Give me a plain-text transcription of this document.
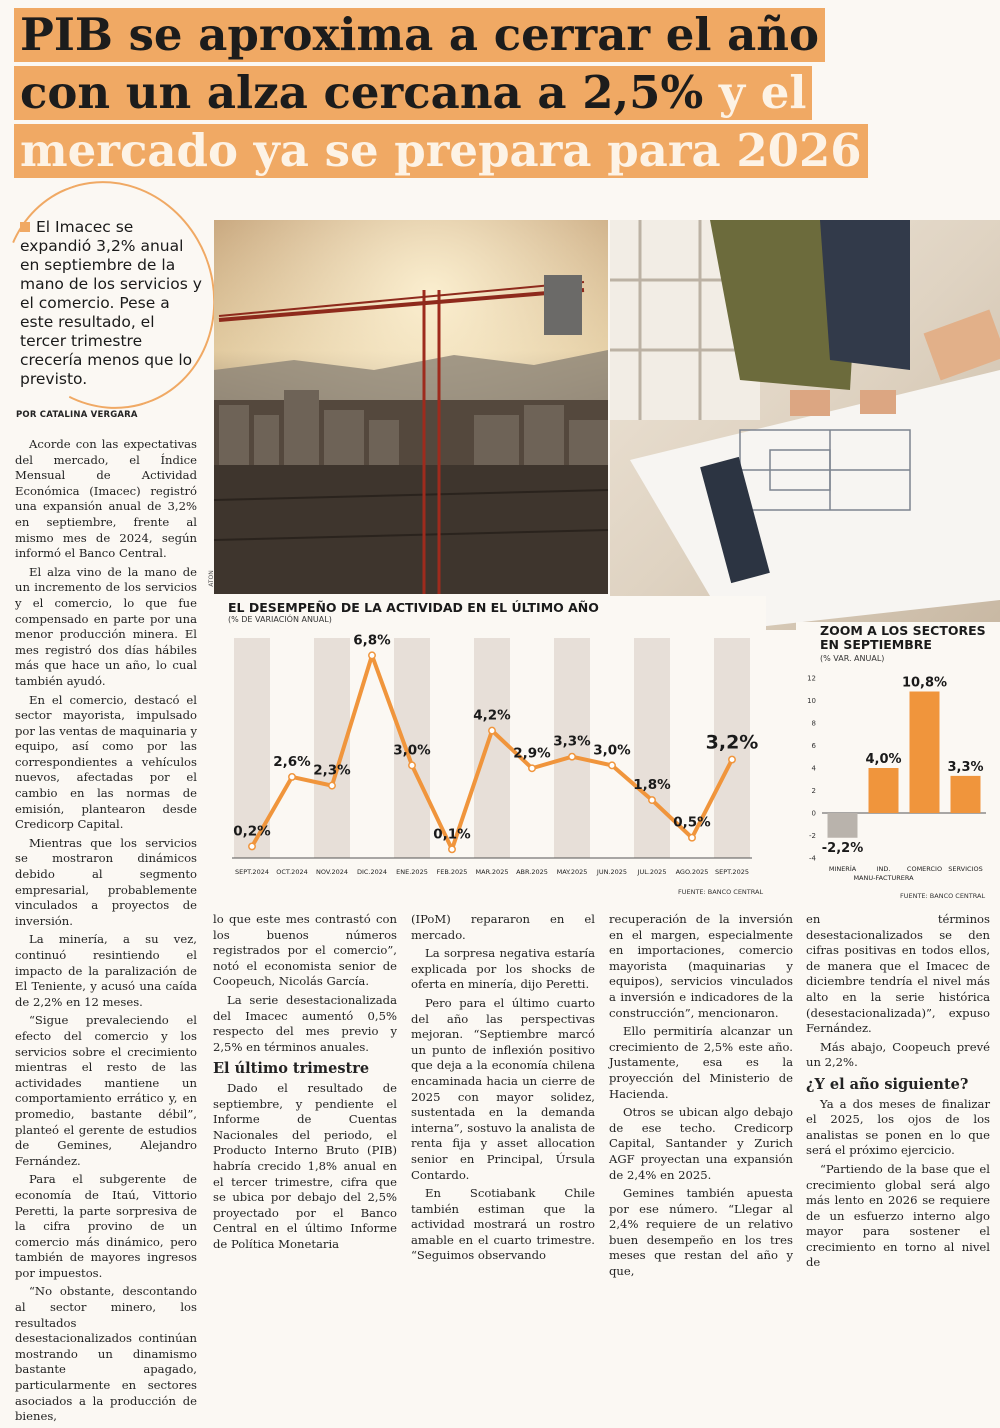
PIB se aproxima a cerrar el año
con un alza cercana a 2,5% y el
mercado ya se prepara para 2026
El Imacec se expandió 3,2% anual en septiembre de la mano de los servicios y el comercio. Pese a este resultado, el tercer trimestre crecería menos que lo previsto.
POR CATALINA VERGARA
ATON

Acorde con las expectativas del mercado, el Índice Mensual de Actividad Económica (Imacec) registró una expansión anual de 3,2% en septiembre, frente al mismo mes de 2024, según informó el Banco Central.

El alza vino de la mano de un incremento de los servicios y el comercio, lo que fue compensado en parte por una menor producción minera. El mes registró dos días hábiles más que hace un año, lo cual también ayudó.

En el comercio, destacó el sector mayorista, impulsado por las ventas de maquinaria y equipo, así como por las correspondientes a vehículos nuevos, afectadas por el cambio en las normas de emisión, plantearon desde Credicorp Capital.

Mientras que los servicios se mostraron dinámicos debido al segmento empresarial, probablemente vinculados a proyectos de inversión.

La minería, a su vez, continuó resintiendo el impacto de la paralización de El Teniente, y acusó una caída de 2,2% en 12 meses.

“Sigue prevaleciendo el efecto del comercio y los servicios sobre el crecimiento mientras el resto de las actividades mantiene un comportamiento errático y, en promedio, bastante débil”, planteó el gerente de estudios de Gemines, Alejandro Fernández.

Para el subgerente de economía de Itaú, Vittorio Peretti, la parte sorpresiva de la cifra provino de un comercio más dinámico, pero también de mayores ingresos por impuestos.

“No obstante, descontando al sector minero, los resultados desestacionalizados continúan mostrando un dinamismo bastante apagado, particularmente en sectores asociados a la producción de bienes,

EL DESEMPEÑO DE LA ACTIVIDAD EN EL ÚLTIMO AÑO
(% DE VARIACIÓN ANUAL)
0,2%
SEPT.2024
2,6%
OCT.2024
2,3%
NOV.2024
6,8%
DIC.2024
3,0%
ENE.2025
0,1%
FEB.2025
4,2%
MAR.2025
2,9%
ABR.2025
3,3%
MAY.2025
3,0%
JUN.2025
1,8%
JUL.2025
0,5%
AGO.2025
3,2%
SEPT.2025
FUENTE: BANCO CENTRAL
ZOOM A LOS SECTORES EN SEPTIEMBRE
(% VAR. ANUAL)
12
10
8
6
4
2
0
-2
-4
-2,2%
MINERÍA
4,0%
IND.
MANU-FACTURERA
10,8%
COMERCIO
3,3%
SERVICIOS
FUENTE: BANCO CENTRAL

lo que este mes contrastó con los buenos números registrados por el comercio”, notó el economista senior de Coopeuch, Nicolás García.

La serie desestacionalizada del Imacec aumentó 0,5% respecto del mes previo y 2,5% en términos anuales.

El último trimestre

Dado el resultado de septiembre, y pendiente el Informe de Cuentas Nacionales del periodo, el Producto Interno Bruto (PIB) habría crecido 1,8% anual en el tercer trimestre, cifra que se ubica por debajo del 2,5% proyectado por el Banco Central en el último Informe de Política Monetaria

(IPoM) repararon en el mercado.

La sorpresa negativa estaría explicada por los shocks de oferta en minería, dijo Peretti.

Pero para el último cuarto del año las perspectivas mejoran. “Septiembre marcó un punto de inflexión positivo que deja a la economía chilena encaminada hacia un cierre de 2025 con mayor solidez, sustentada en la demanda interna”, sostuvo la analista de renta fija y asset allocation senior en Principal, Úrsula Contardo.

En Scotiabank Chile también estiman que la actividad mostrará un rostro amable en el cuarto trimestre. “Seguimos observando

recuperación de la inversión en el margen, especialmente en importaciones, comercio mayorista (maquinarias y equipos), servicios vinculados a inversión e indicadores de la construcción”, mencionaron.

Ello permitiría alcanzar un crecimiento de 2,5% este año. Justamente, esa es la proyección del Ministerio de Hacienda.

Otros se ubican algo debajo de ese techo. Credicorp Capital, Santander y Zurich AGF proyectan una expansión de 2,4% en 2025.

Gemines también apuesta por ese número. “Llegar al 2,4% requiere de un relativo buen desempeño en los tres meses que restan del año y que,

en términos desestacionalizados se den cifras positivas en todos ellos, de manera que el Imacec de diciembre tendría el nivel más alto en la serie histórica (desestacionalizada)”, expuso Fernández.

Más abajo, Coopeuch prevé un 2,2%.

¿Y el año siguiente?

Ya a dos meses de finalizar el 2025, los ojos de los analistas se ponen en lo que será el próximo ejercicio.

“Partiendo de la base que el crecimiento global será algo más lento en 2026 se requiere de un esfuerzo interno algo mayor para sostener el crecimiento en torno al nivel de
